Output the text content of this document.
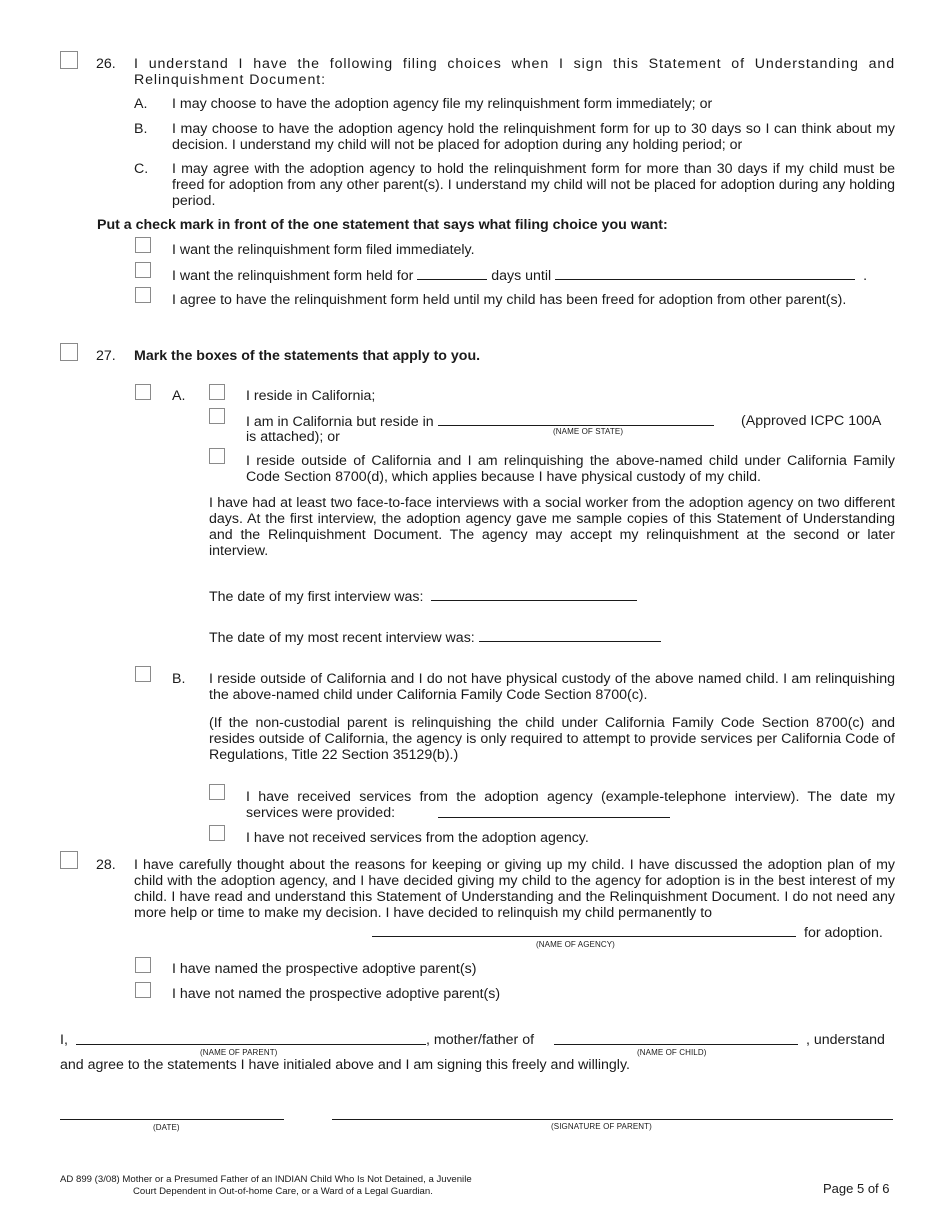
26. I understand I have the following filing choices when I sign this Statement of Understanding and Relinquishment Document:
A. I may choose to have the adoption agency file my relinquishment form immediately; or
B. I may choose to have the adoption agency hold the relinquishment form for up to 30 days so I can think about my decision. I understand my child will not be placed for adoption during any holding period; or
C. I may agree with the adoption agency to hold the relinquishment form for more than 30 days if my child must be freed for adoption from any other parent(s). I understand my child will not be placed for adoption during any holding period.
Put a check mark in front of the one statement that says what filing choice you want:
I want the relinquishment form filed immediately.
I want the relinquishment form held for	days until	.
I agree to have the relinquishment form held until my child has been freed for adoption from other parent(s).
27. Mark the boxes of the statements that apply to you.
A.	I reside in California;
I am in California but reside in	(Approved ICPC 100A
is attached); or	(NAME OF STATE)
I reside outside of California and I am relinquishing the above-named child under California Family Code Section 8700(d), which applies because I have physical custody of my child.
I have had at least two face-to-face interviews with a social worker from the adoption agency on two different days. At the first interview, the adoption agency gave me sample copies of this Statement of Understanding and the Relinquishment Document. The agency may accept my relinquishment at the second or later interview.
The date of my first interview was:
The date of my most recent interview was:
B. I reside outside of California and I do not have physical custody of the above named child. I am relinquishing the above-named child under California Family Code Section 8700(c).
(If the non-custodial parent is relinquishing the child under California Family Code Section 8700(c) and resides outside of California, the agency is only required to attempt to provide services per California Code of Regulations, Title 22 Section 35129(b).)
I have received services from the adoption agency (example-telephone interview). The date my services were provided:
I have not received services from the adoption agency.
28. I have carefully thought about the reasons for keeping or giving up my child. I have discussed the adoption plan of my child with the adoption agency, and I have decided giving my child to the agency for adoption is in the best interest of my child. I have read and understand this Statement of Understanding and the Relinquishment Document. I do not need any more help or time to make my decision. I have decided to relinquish my child permanently to
for adoption.
(NAME OF AGENCY)
I have named the prospective adoptive parent(s)
I have not named the prospective adoptive parent(s)
I,	, mother/father of	, understand
(NAME OF PARENT)	(NAME OF CHILD)
and agree to the statements I have initialed above and I am signing this freely and willingly.
(DATE)	(SIGNATURE OF PARENT)
AD 899 (3/08) Mother or a Presumed Father of an INDIAN Child Who Is Not Detained, a Juvenile
Court Dependent in Out-of-home Care, or a Ward of a Legal Guardian.	Page 5 of 6
